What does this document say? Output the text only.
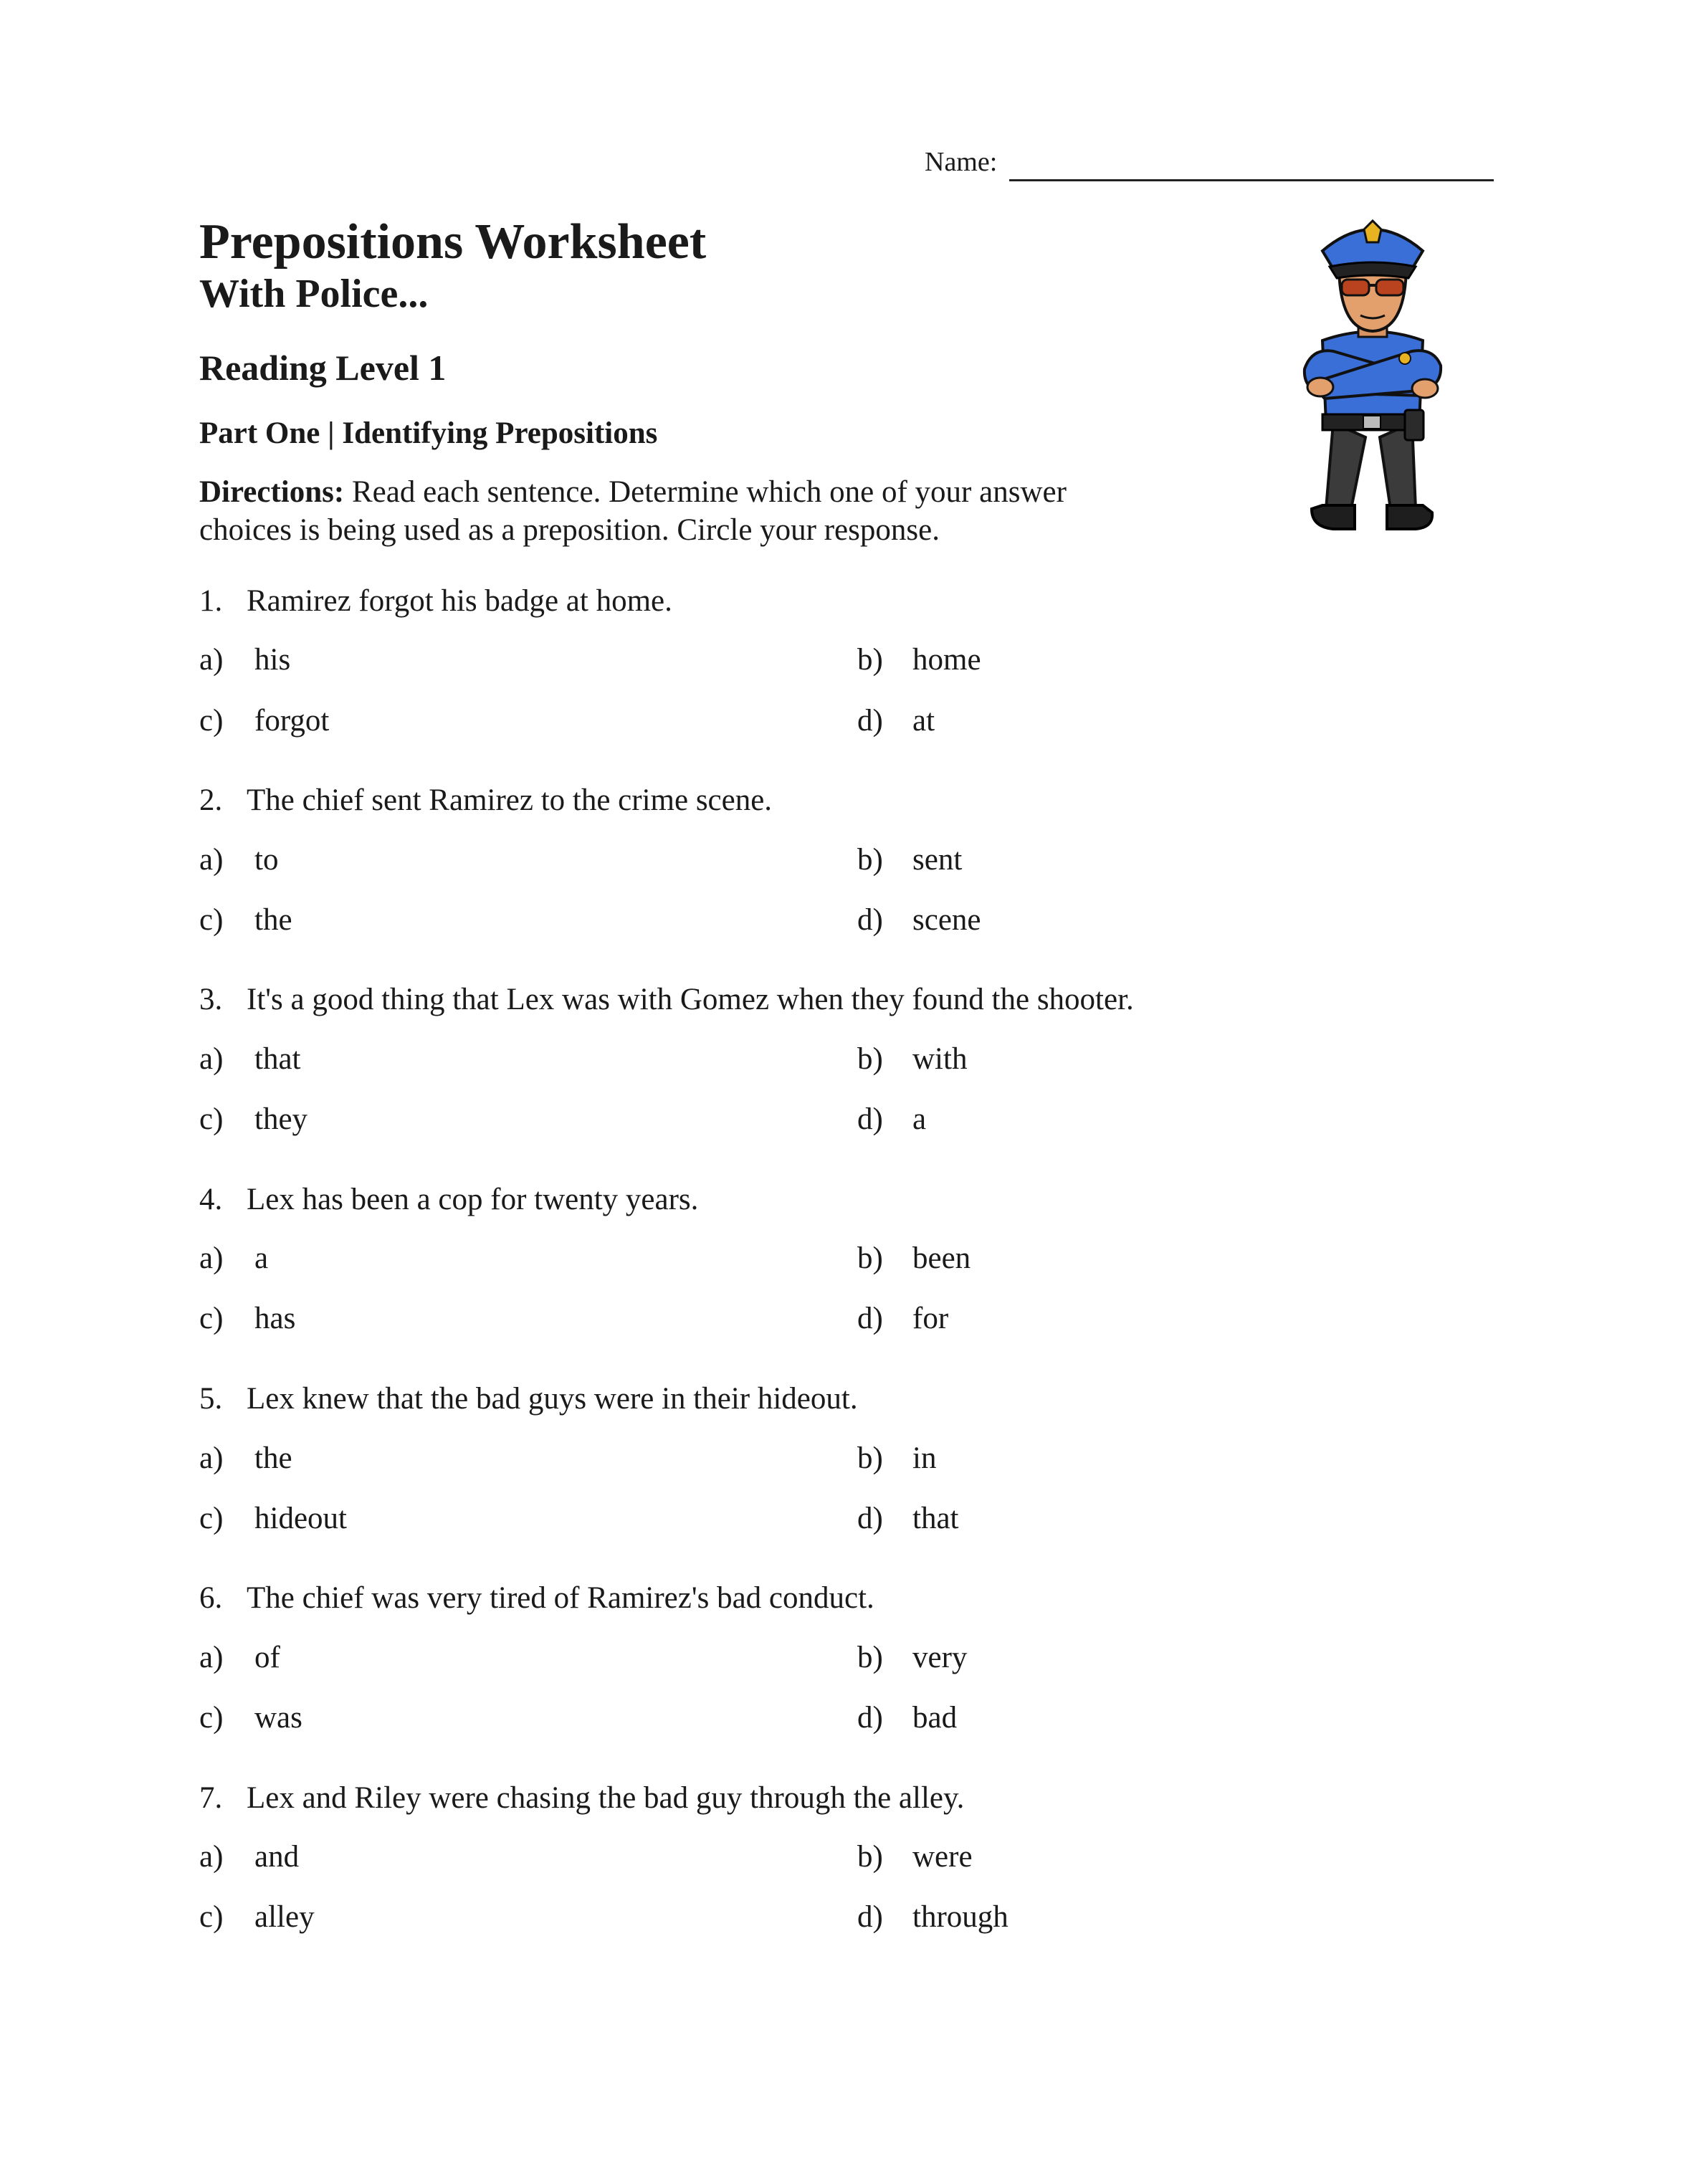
Name:
Prepositions Worksheet
With Police...
Reading Level 1
Part One | Identifying Prepositions
Directions: Read each sentence. Determine which one of your answer
choices is being used as a preposition. Circle your response.
1. Ramirez forgot his badge at home.
a) his	b) home
c) forgot	d) at
2. The chief sent Ramirez to the crime scene.
a) to	b) sent
c) the	d) scene
3. It's a good thing that Lex was with Gomez when they found the shooter.
a) that	b) with
c) they	d) a
4. Lex has been a cop for twenty years.
a) a	b) been
c) has	d) for
5. Lex knew that the bad guys were in their hideout.
a) the	b) in
c) hideout	d) that
6. The chief was very tired of Ramirez's bad conduct.
a) of	b) very
c) was	d) bad
7. Lex and Riley were chasing the bad guy through the alley.
a) and	b) were
c) alley	d) through
